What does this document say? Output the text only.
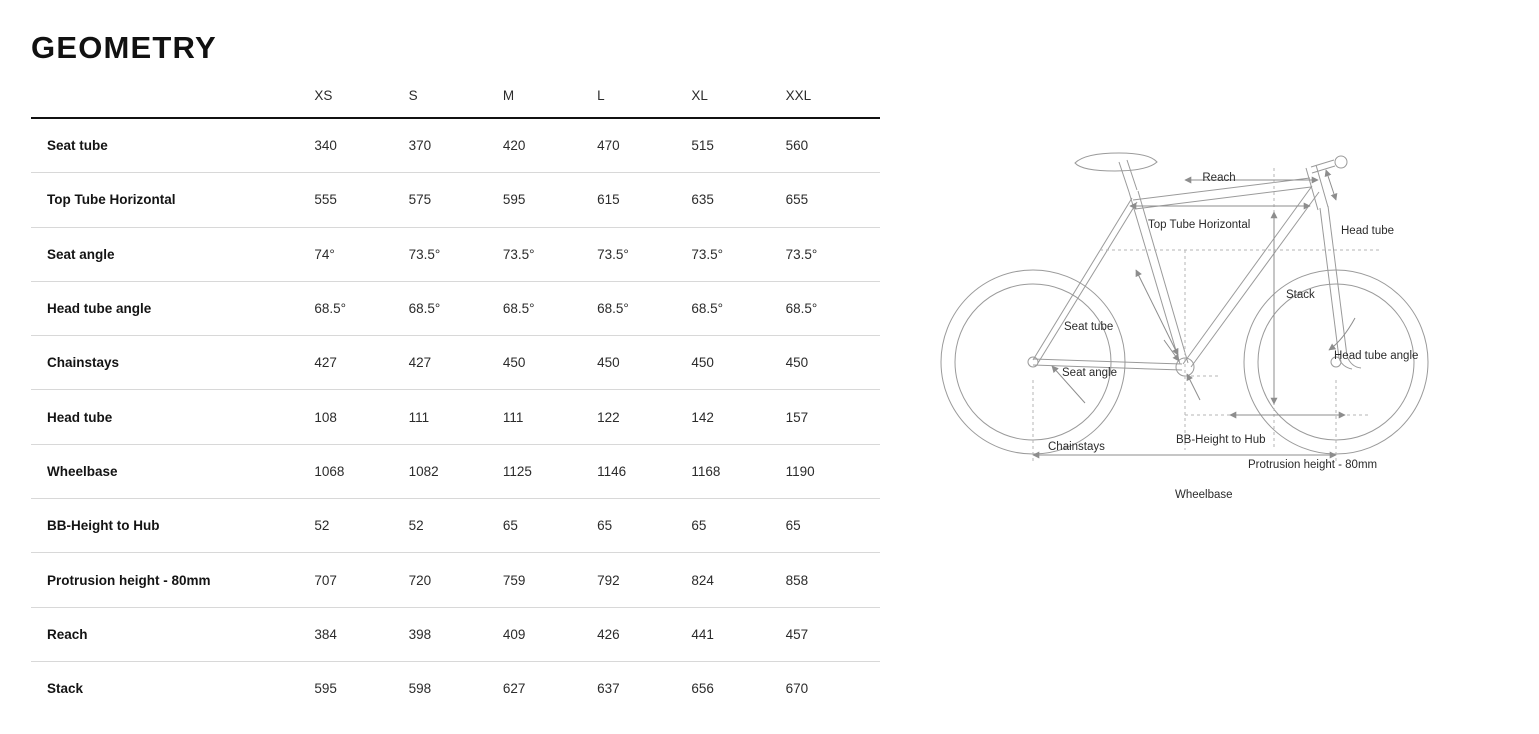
GEOMETRY
	XS	S	M	L	XL	XXL
Seat tube	340	370	420	470	515	560
Top Tube Horizontal	555	575	595	615	635	655
Seat angle	74°	73.5°	73.5°	73.5°	73.5°	73.5°
Head tube angle	68.5°	68.5°	68.5°	68.5°	68.5°	68.5°
Chainstays	427	427	450	450	450	450
Head tube	108	111	111	122	142	157
Wheelbase	1068	1082	1125	1146	1168	1190
BB-Height to Hub	52	52	65	65	65	65
Protrusion height - 80mm	707	720	759	792	824	858
Reach	384	398	409	426	441	457
Stack	595	598	627	637	656	670
Reach
Top Tube Horizontal	Head tube
Stack
Seat tube
Seat angle
Head tube angle
Chainstays
BB-Height to Hub
Protrusion height - 80mm
Wheelbase
